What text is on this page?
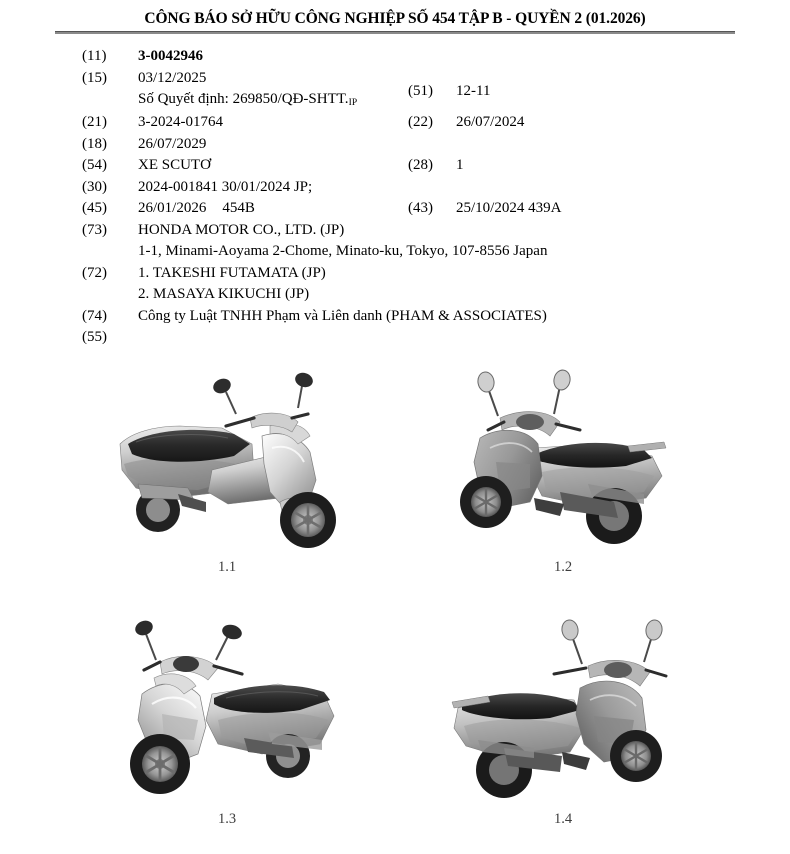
CÔNG BÁO SỞ HỮU CÔNG NGHIỆP SỐ 454 TẬP B - QUYỀN 2 (01.2026)
(11)	3-0042946
(15)	03/12/2025
Số Quyết định: 269850/QĐ-SHTT.IP
(21)	3-2024-01764
(18)	26/07/2029
(54)	XE SCUTƠ
(30)	2024-001841 30/01/2024 JP;
(45)	26/01/2026 454B
(73)	HONDA MOTOR CO., LTD. (JP)
1-1, Minami-Aoyama 2-Chome, Minato-ku, Tokyo, 107-8556 Japan
(72)	1. TAKESHI FUTAMATA (JP)
2. MASAYA KIKUCHI (JP)
(74)	Công ty Luật TNHH Phạm và Liên danh (PHAM & ASSOCIATES)
(55)
(51)	12-11
(22)	26/07/2024
(28)	1
(43)	25/10/2024 439A
1.1	1.2
1.3	1.4
